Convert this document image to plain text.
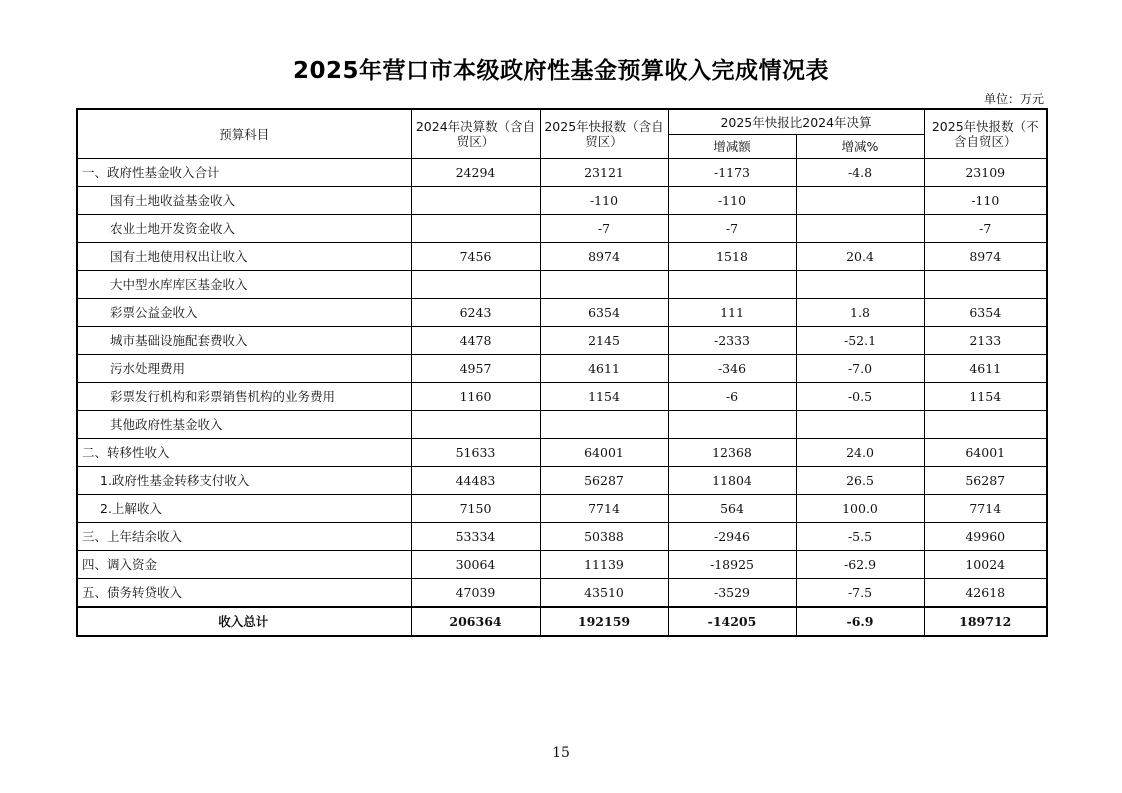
2025年营口市本级政府性基金预算收入完成情况表
单位：万元
预算科目	2024年决算数（含自贸区）	2025年快报数（含自贸区）	2025年快报比2024年决算		2025年快报数（不含自贸区）
			增减额	增减%	
一、政府性基金收入合计	24294	23121	-1173	-4.8	23109
国有土地收益基金收入		-110	-110		-110
农业土地开发资金收入		-7	-7		-7
国有土地使用权出让收入	7456	8974	1518	20.4	8974
大中型水库库区基金收入					
彩票公益金收入	6243	6354	111	1.8	6354
城市基础设施配套费收入	4478	2145	-2333	-52.1	2133
污水处理费用	4957	4611	-346	-7.0	4611
彩票发行机构和彩票销售机构的业务费用	1160	1154	-6	-0.5	1154
其他政府性基金收入					
二、转移性收入	51633	64001	12368	24.0	64001
1.政府性基金转移支付收入	44483	56287	11804	26.5	56287
2.上解收入	7150	7714	564	100.0	7714
三、上年结余收入	53334	50388	-2946	-5.5	49960
四、调入资金	30064	11139	-18925	-62.9	10024
五、债务转贷收入	47039	43510	-3529	-7.5	42618
收入总计	206364	192159	-14205	-6.9	189712
15
